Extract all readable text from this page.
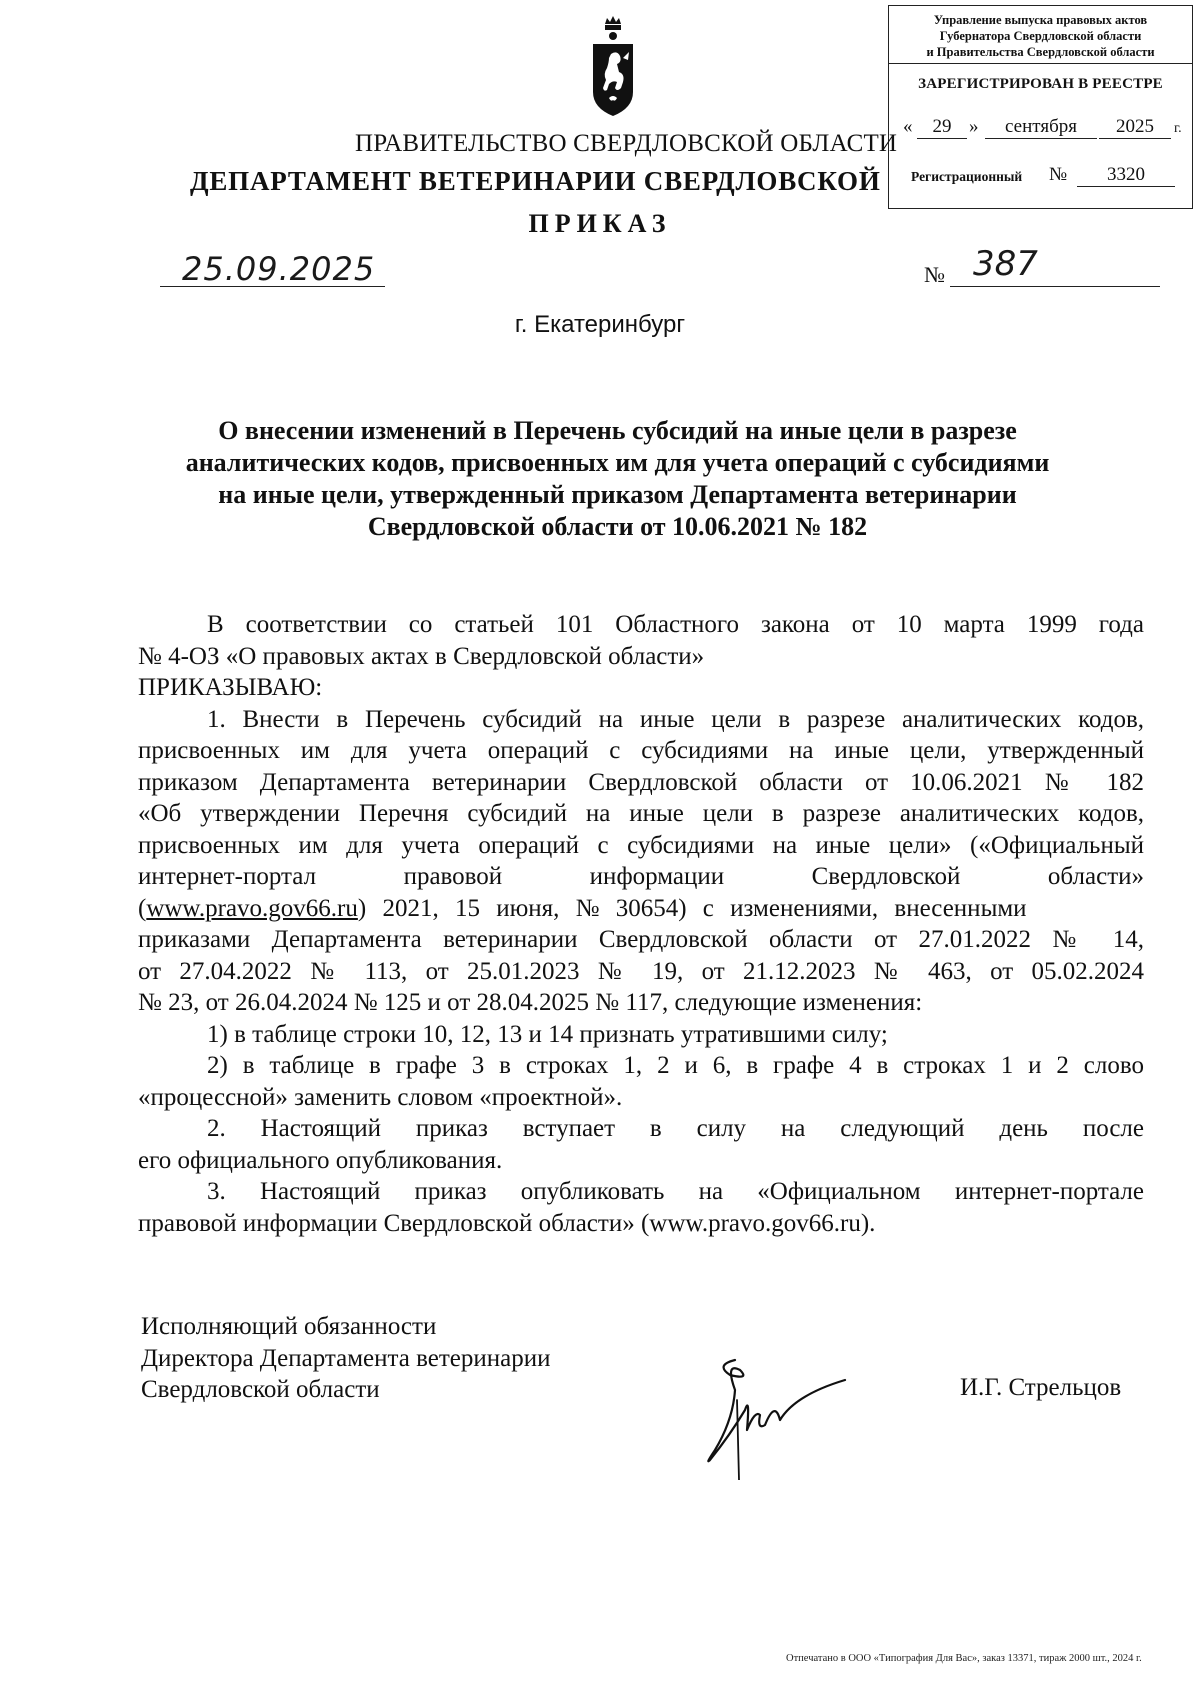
Управление выпуска правовых актов
Губернатора Свердловской области
и Правительства Свердловской области
ЗАРЕГИСТРИРОВАН В РЕЕСТРЕ
«	29 »	сентября	2025	г.
Регистрационный №	3320
ПРАВИТЕЛЬСТВО СВЕРДЛОВСКОЙ ОБЛАСТИ
ДЕПАРТАМЕНТ ВЕТЕРИНАРИИ СВЕРДЛОВСКОЙ
ПРИКАЗ
25.09.2025	№ 387
г. Екатеринбург
О внесении изменений в Перечень субсидий на иные цели в разрезе
аналитических кодов, присвоенных им для учета операций с субсидиями
на иные цели, утвержденный приказом Департамента ветеринарии
Свердловской области от 10.06.2021 № 182
В соответствии со статьей 101 Областного закона от 10 марта 1999 года
№ 4-ОЗ «О правовых актах в Свердловской области»
ПРИКАЗЫВАЮ:
1. Внести в Перечень субсидий на иные цели в разрезе аналитических кодов,
присвоенных им для учета операций с субсидиями на иные цели, утвержденный
приказом Департамента ветеринарии Свердловской области от 10.06.2021 № 182
«Об утверждении Перечня субсидий на иные цели в разрезе аналитических кодов,
присвоенных им для учета операций с субсидиями на иные цели» («Официальный
интернет-портал правовой информации Свердловской области»
(www.pravo.gov66.ru) 2021, 15 июня, № 30654) с изменениями, внесенными
приказами Департамента ветеринарии Свердловской области от 27.01.2022 № 14,
от 27.04.2022 № 113, от 25.01.2023 № 19, от 21.12.2023 № 463, от 05.02.2024
№ 23, от 26.04.2024 № 125 и от 28.04.2025 № 117, следующие изменения:
1) в таблице строки 10, 12, 13 и 14 признать утратившими силу;
2) в таблице в графе 3 в строках 1, 2 и 6, в графе 4 в строках 1 и 2 слово
«процессной» заменить словом «проектной».
2. Настоящий приказ вступает в силу на следующий день после
его официального опубликования.
3. Настоящий приказ опубликовать на «Официальном интернет-портале
правовой информации Свердловской области» (www.pravo.gov66.ru).
Исполняющий обязанности
Директора Департамента ветеринарии
Свердловской области	И.Г. Стрельцов
Отпечатано в ООО «Типография Для Вас», заказ 13371, тираж 2000 шт., 2024 г.
